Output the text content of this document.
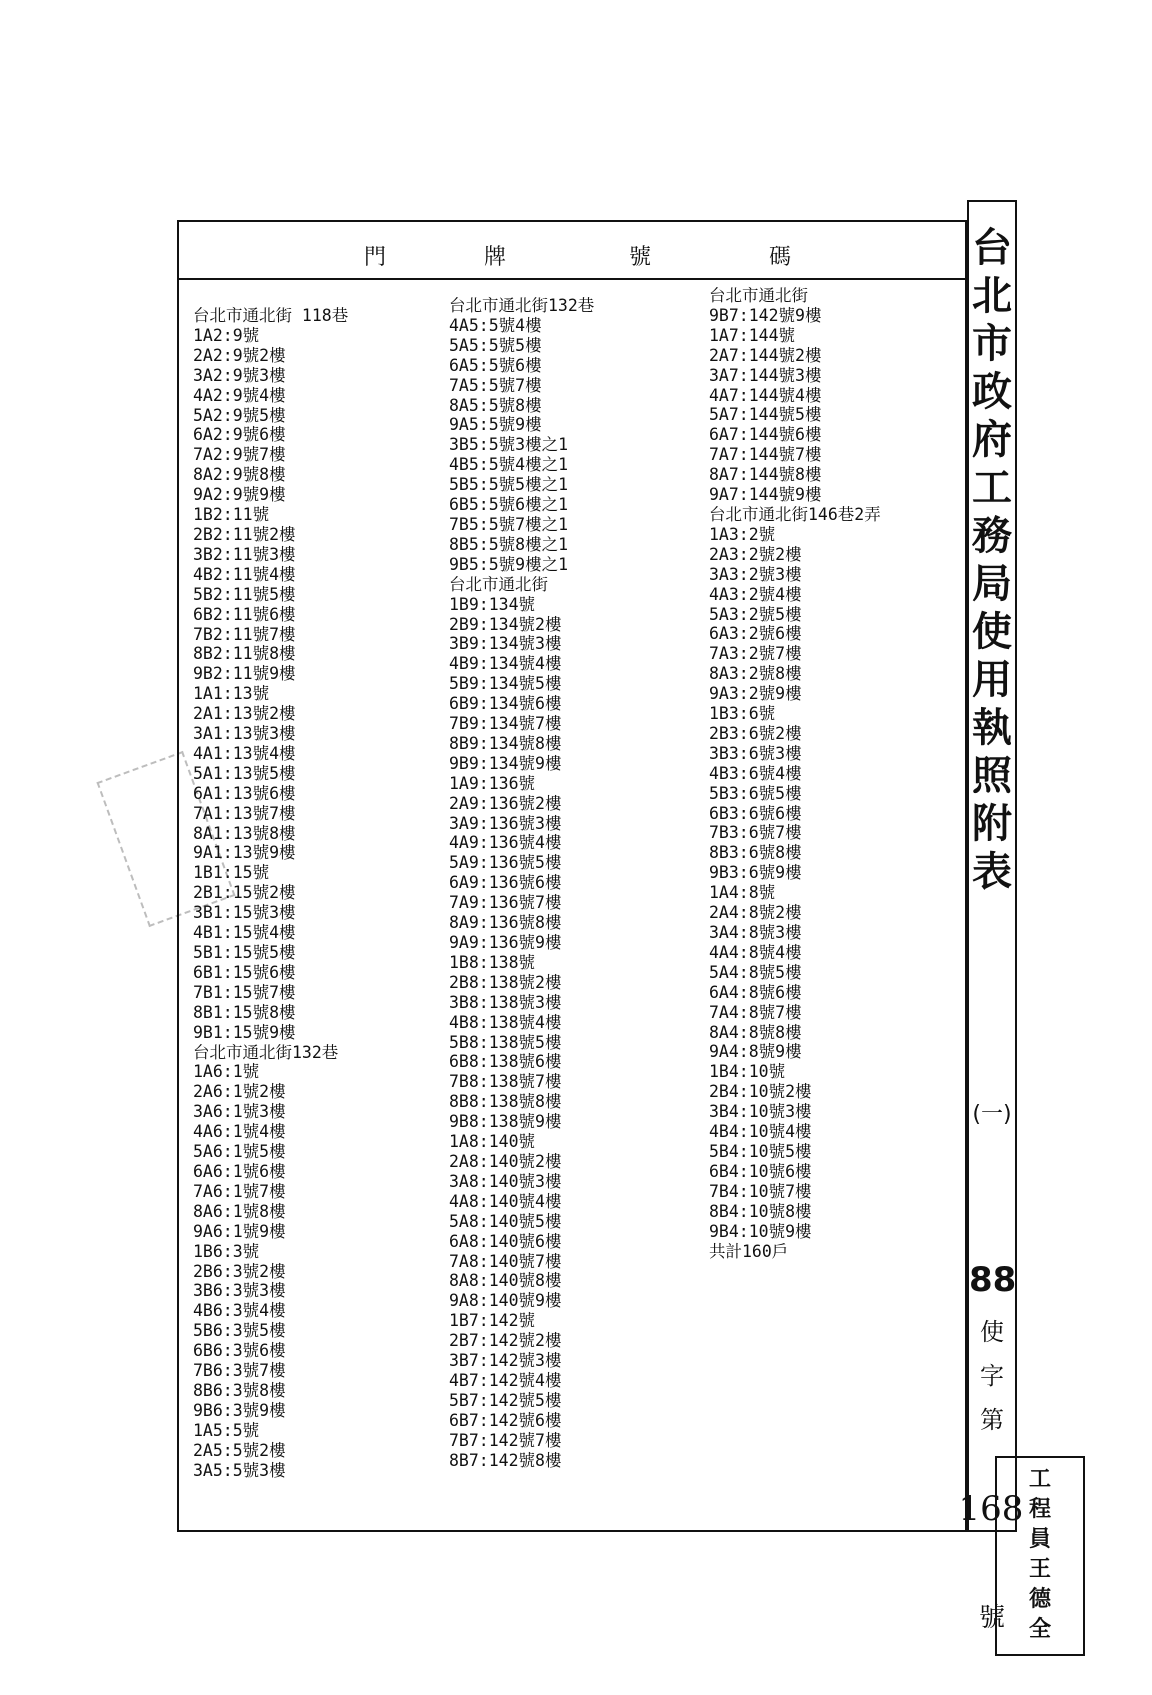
門	牌	號	碼
台北市通北街 118巷
1A2:9號
2A2:9號2樓
3A2:9號3樓
4A2:9號4樓
5A2:9號5樓
6A2:9號6樓
7A2:9號7樓
8A2:9號8樓
9A2:9號9樓
1B2:11號
2B2:11號2樓
3B2:11號3樓
4B2:11號4樓
5B2:11號5樓
6B2:11號6樓
7B2:11號7樓
8B2:11號8樓
9B2:11號9樓
1A1:13號
2A1:13號2樓
3A1:13號3樓
4A1:13號4樓
5A1:13號5樓
6A1:13號6樓
7A1:13號7樓
8A1:13號8樓
9A1:13號9樓
1B1:15號
2B1:15號2樓
3B1:15號3樓
4B1:15號4樓
5B1:15號5樓
6B1:15號6樓
7B1:15號7樓
8B1:15號8樓
9B1:15號9樓
台北市通北街132巷
1A6:1號
2A6:1號2樓
3A6:1號3樓
4A6:1號4樓
5A6:1號5樓
6A6:1號6樓
7A6:1號7樓
8A6:1號8樓
9A6:1號9樓
1B6:3號
2B6:3號2樓
3B6:3號3樓
4B6:3號4樓
5B6:3號5樓
6B6:3號6樓
7B6:3號7樓
8B6:3號8樓
9B6:3號9樓
1A5:5號
2A5:5號2樓
3A5:5號3樓
台北市通北街132巷
4A5:5號4樓
5A5:5號5樓
6A5:5號6樓
7A5:5號7樓
8A5:5號8樓
9A5:5號9樓
3B5:5號3樓之1
4B5:5號4樓之1
5B5:5號5樓之1
6B5:5號6樓之1
7B5:5號7樓之1
8B5:5號8樓之1
9B5:5號9樓之1
台北市通北街
1B9:134號
2B9:134號2樓
3B9:134號3樓
4B9:134號4樓
5B9:134號5樓
6B9:134號6樓
7B9:134號7樓
8B9:134號8樓
9B9:134號9樓
1A9:136號
2A9:136號2樓
3A9:136號3樓
4A9:136號4樓
5A9:136號5樓
6A9:136號6樓
7A9:136號7樓
8A9:136號8樓
9A9:136號9樓
1B8:138號
2B8:138號2樓
3B8:138號3樓
4B8:138號4樓
5B8:138號5樓
6B8:138號6樓
7B8:138號7樓
8B8:138號8樓
9B8:138號9樓
1A8:140號
2A8:140號2樓
3A8:140號3樓
4A8:140號4樓
5A8:140號5樓
6A8:140號6樓
7A8:140號7樓
8A8:140號8樓
9A8:140號9樓
1B7:142號
2B7:142號2樓
3B7:142號3樓
4B7:142號4樓
5B7:142號5樓
6B7:142號6樓
7B7:142號7樓
8B7:142號8樓
台北市通北街
9B7:142號9樓
1A7:144號
2A7:144號2樓
3A7:144號3樓
4A7:144號4樓
5A7:144號5樓
6A7:144號6樓
7A7:144號7樓
8A7:144號8樓
9A7:144號9樓
台北市通北街146巷2弄
1A3:2號
2A3:2號2樓
3A3:2號3樓
4A3:2號4樓
5A3:2號5樓
6A3:2號6樓
7A3:2號7樓
8A3:2號8樓
9A3:2號9樓
1B3:6號
2B3:6號2樓
3B3:6號3樓
4B3:6號4樓
5B3:6號5樓
6B3:6號6樓
7B3:6號7樓
8B3:6號8樓
9B3:6號9樓
1A4:8號
2A4:8號2樓
3A4:8號3樓
4A4:8號4樓
5A4:8號5樓
6A4:8號6樓
7A4:8號7樓
8A4:8號8樓
9A4:8號9樓
1B4:10號
2B4:10號2樓
3B4:10號3樓
4B4:10號4樓
5B4:10號5樓
6B4:10號6樓
7B4:10號7樓
8B4:10號8樓
9B4:10號9樓
共計160戶
台
北
市
政
府
工
務
局
使
用
執
照
附
表
(一)
88
使
字
第
168
號
工
程
員
王
德
全
